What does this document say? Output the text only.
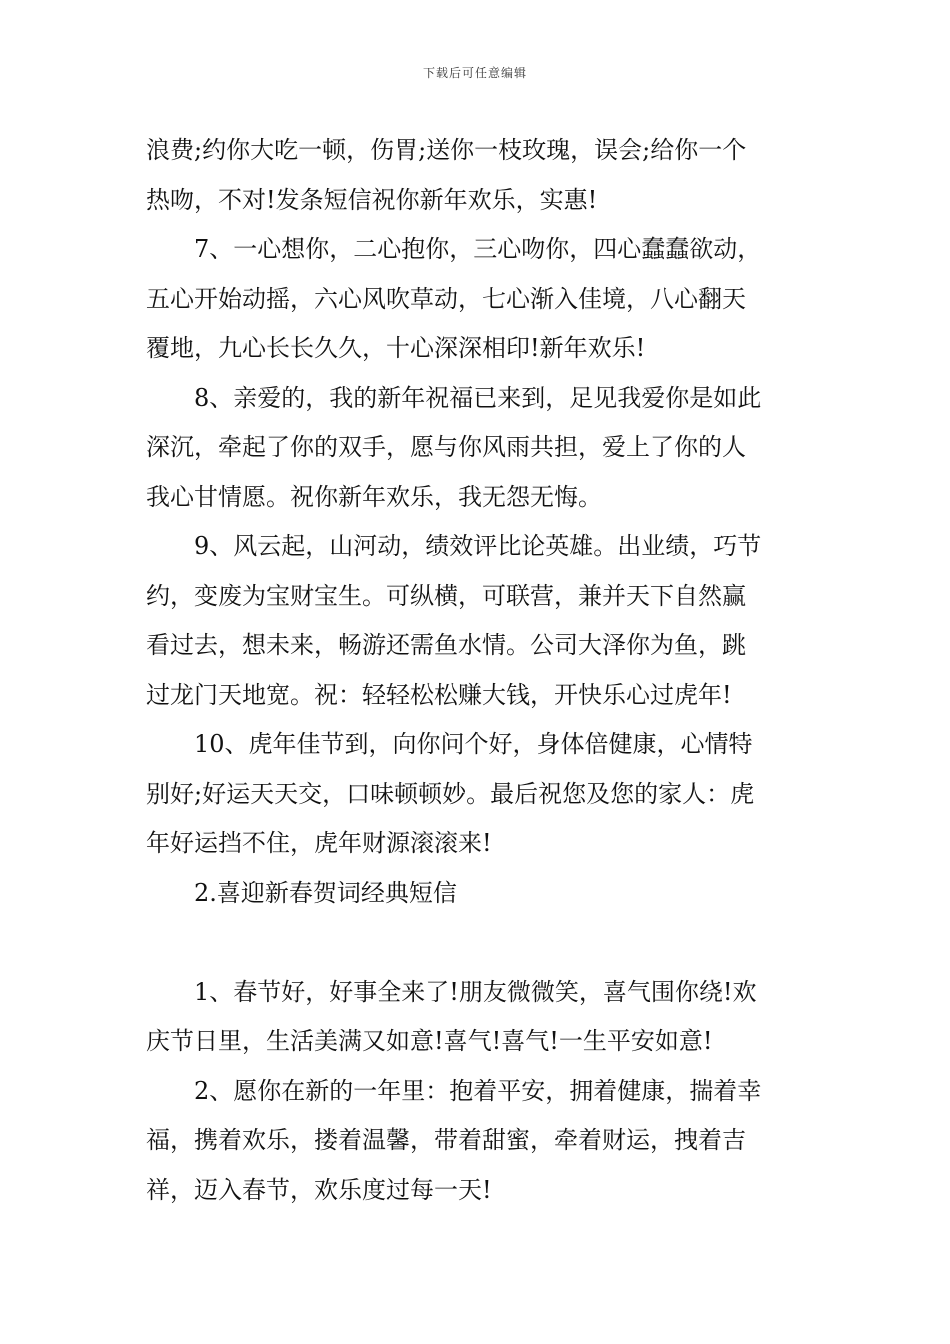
下载后可任意编辑
浪费;约你大吃一顿，伤胃;送你一枝玫瑰，误会;给你一个
热吻，不对!发条短信祝你新年欢乐，实惠!
7、一心想你，二心抱你，三心吻你，四心蠢蠢欲动，
五心开始动摇，六心风吹草动，七心渐入佳境，八心翻天
覆地，九心长长久久，十心深深相印!新年欢乐!
8、亲爱的，我的新年祝福已来到，足见我爱你是如此
深沉，牵起了你的双手，愿与你风雨共担，爱上了你的人
我心甘情愿。祝你新年欢乐，我无怨无悔。
9、风云起，山河动，绩效评比论英雄。出业绩，巧节
约，变废为宝财宝生。可纵横，可联营，兼并天下自然赢
看过去，想未来，畅游还需鱼水情。公司大泽你为鱼，跳
过龙门天地宽。祝：轻轻松松赚大钱，开快乐心过虎年!
10、虎年佳节到，向你问个好，身体倍健康，心情特
别好;好运天天交，口味顿顿妙。最后祝您及您的家人：虎
年好运挡不住，虎年财源滚滚来!
2.喜迎新春贺词经典短信
1、春节好，好事全来了!朋友微微笑，喜气围你绕!欢
庆节日里，生活美满又如意!喜气!喜气!一生平安如意!
2、愿你在新的一年里：抱着平安，拥着健康，揣着幸
福，携着欢乐，搂着温馨，带着甜蜜，牵着财运，拽着吉
祥，迈入春节，欢乐度过每一天!
